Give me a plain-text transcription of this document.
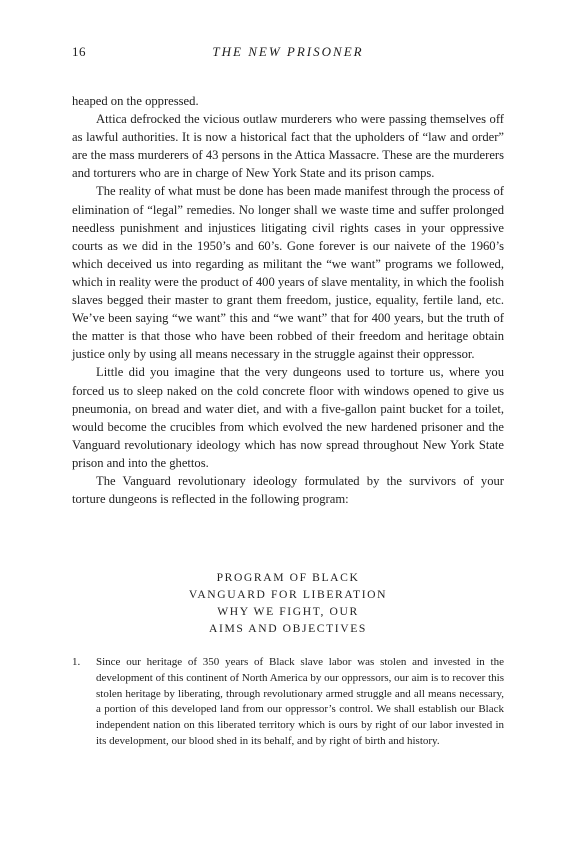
16	THE NEW PRISONER

heaped on the oppressed.

Attica defrocked the vicious outlaw murderers who were passing themselves off as lawful authorities. It is now a historical fact that the upholders of “law and order” are the mass murderers of 43 persons in the Attica Massacre. These are the murderers and torturers who are in charge of New York State and its prison camps.

The reality of what must be done has been made manifest through the process of elimination of “legal” remedies. No longer shall we waste time and suffer prolonged needless punishment and injustices litigating civil rights cases in your oppressive courts as we did in the 1950’s and 60’s. Gone forever is our naivete of the 1960’s which deceived us into regarding as militant the “we want” programs we followed, which in reality were the product of 400 years of slave mentality, in which the foolish slaves begged their master to grant them freedom, justice, equality, fertile land, etc. We’ve been saying “we want” this and “we want” that for 400 years, but the truth of the matter is that those who have been robbed of their freedom and heritage obtain justice only by using all means necessary in the struggle against their oppressor.

Little did you imagine that the very dungeons used to torture us, where you forced us to sleep naked on the cold concrete floor with windows opened to give us pneumonia, on bread and water diet, and with a five-gallon paint bucket for a toilet, would become the crucibles from which evolved the new hardened prisoner and the Vanguard revolutionary ideology which has now spread throughout New York State prison and into the ghettos.

The Vanguard revolutionary ideology formulated by the survivors of your torture dungeons is reflected in the following program:

PROGRAM OF BLACK
VANGUARD FOR LIBERATION
WHY WE FIGHT, OUR
AIMS AND OBJECTIVES
1. Since our heritage of 350 years of Black slave labor was stolen and invested in the development of this continent of North America by our oppressors, our aim is to recover this stolen heritage by liberating, through revolutionary armed struggle and all means necessary, a portion of this developed land from our oppressor’s control. We shall establish our Black independent nation on this liberated territory which is ours by right of our labor invested in its development, our blood shed in its behalf, and by right of birth and history.
